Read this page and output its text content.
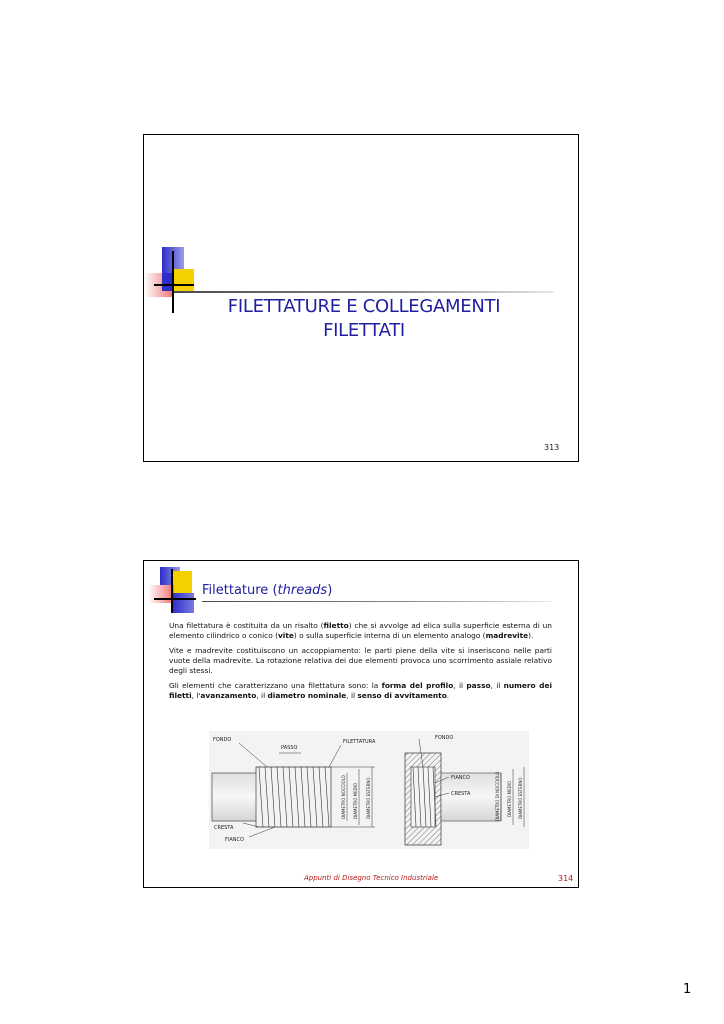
FILETTATURE E COLLEGAMENTI
FILETTATI
313
Filettature (threads)

Una filettatura è costituita da un risalto (filetto) che si avvolge ad elica sulla superficie esterna di un elemento cilindrico o conico (vite) o sulla superficie interna di un elemento analogo (madrevite).

Vite e madrevite costituiscono un accoppiamento: le parti piene della vite si inseriscono nelle parti vuote della madrevite. La rotazione relativa dei due elementi provoca uno scorrimento assiale relativo degli stessi.

Gli elementi che caratterizzano una filettatura sono: la forma del profilo, il passo, il numero dei filetti, l'avanzamento, il diametro nominale, il senso di avvitamento.

FONDO
PASSO
FILETTATURA
CRESTA
FIANCO
FONDO
FIANCO
CRESTA
DIAMETRO NOCCIOLO DIAMETRO MEDIO DIAMETRO ESTERNO	DIAMETRO DI NOCCIOLO DIAMETRO MEDIO DIAMETRO ESTERNO
Appunti di Disegno Tecnico Industriale	314
1
